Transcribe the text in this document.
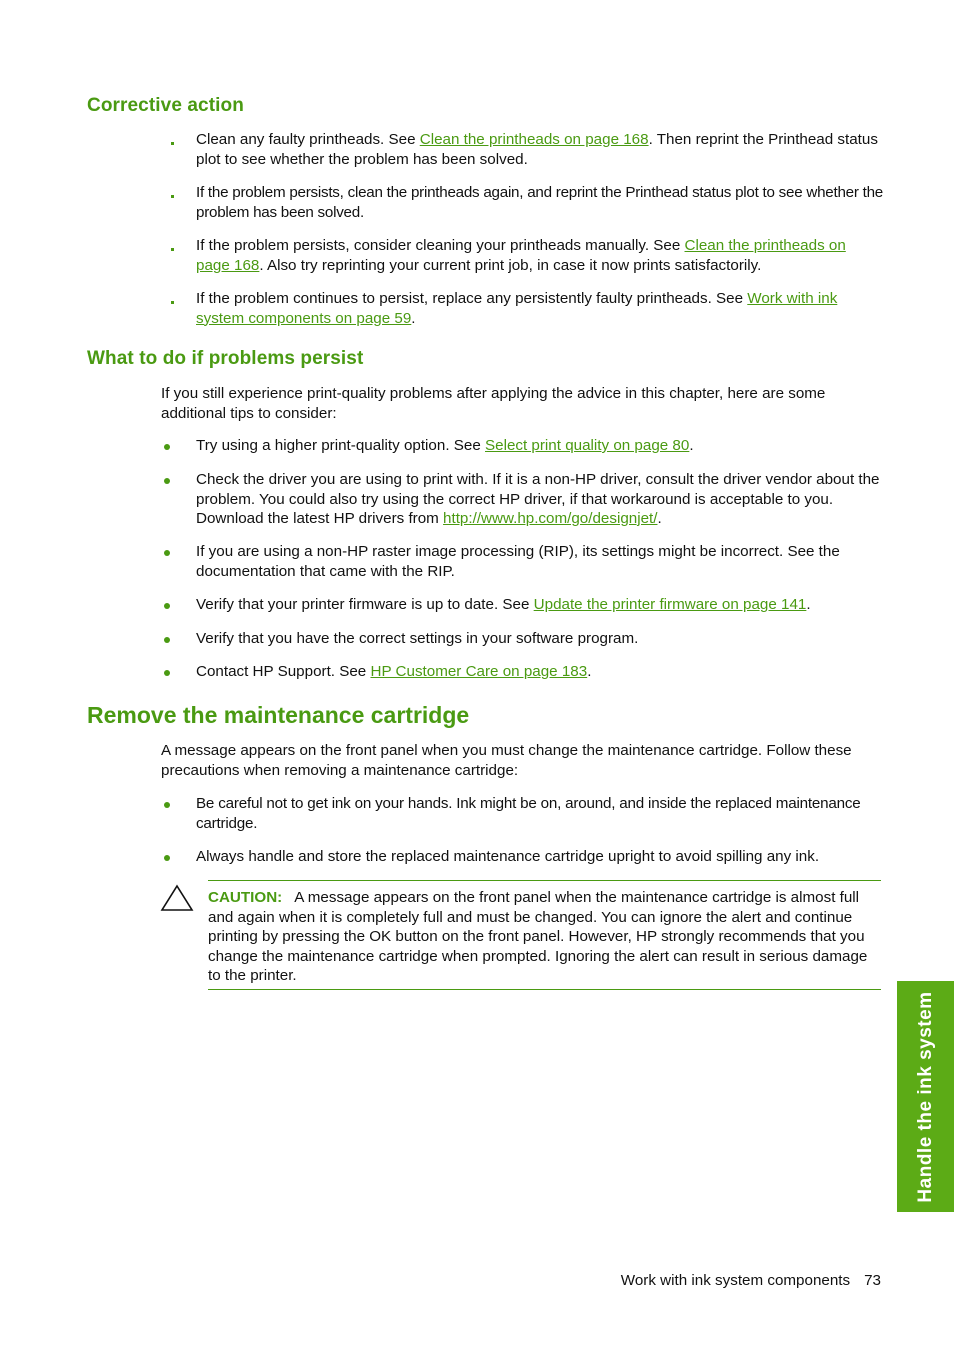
Corrective action
Clean any faulty printheads. See Clean the printheads on page 168. Then reprint the Printhead status plot to see whether the problem has been solved.
If the problem persists, clean the printheads again, and reprint the Printhead status plot to see whether the problem has been solved.
If the problem persists, consider cleaning your printheads manually. See Clean the printheads on page 168. Also try reprinting your current print job, in case it now prints satisfactorily.
If the problem continues to persist, replace any persistently faulty printheads. See Work with ink system components on page 59.
What to do if problems persist

If you still experience print-quality problems after applying the advice in this chapter, here are some additional tips to consider:

Try using a higher print-quality option. See Select print quality on page 80.
Check the driver you are using to print with. If it is a non-HP driver, consult the driver vendor about the problem. You could also try using the correct HP driver, if that workaround is acceptable to you. Download the latest HP drivers from http://www.hp.com/go/designjet/.
If you are using a non-HP raster image processing (RIP), its settings might be incorrect. See the documentation that came with the RIP.
Verify that your printer firmware is up to date. See Update the printer firmware on page 141.
Verify that you have the correct settings in your software program.
Contact HP Support. See HP Customer Care on page 183.
Remove the maintenance cartridge

A message appears on the front panel when you must change the maintenance cartridge. Follow these precautions when removing a maintenance cartridge:

Be careful not to get ink on your hands. Ink might be on, around, and inside the replaced maintenance cartridge.
Always handle and store the replaced maintenance cartridge upright to avoid spilling any ink.
CAUTION: A message appears on the front panel when the maintenance cartridge is almost full and again when it is completely full and must be changed. You can ignore the alert and continue printing by pressing the OK button on the front panel. However, HP strongly recommends that you change the maintenance cartridge when prompted. Ignoring the alert can result in serious damage to the printer.
Handle the ink system
Work with ink system components 73
